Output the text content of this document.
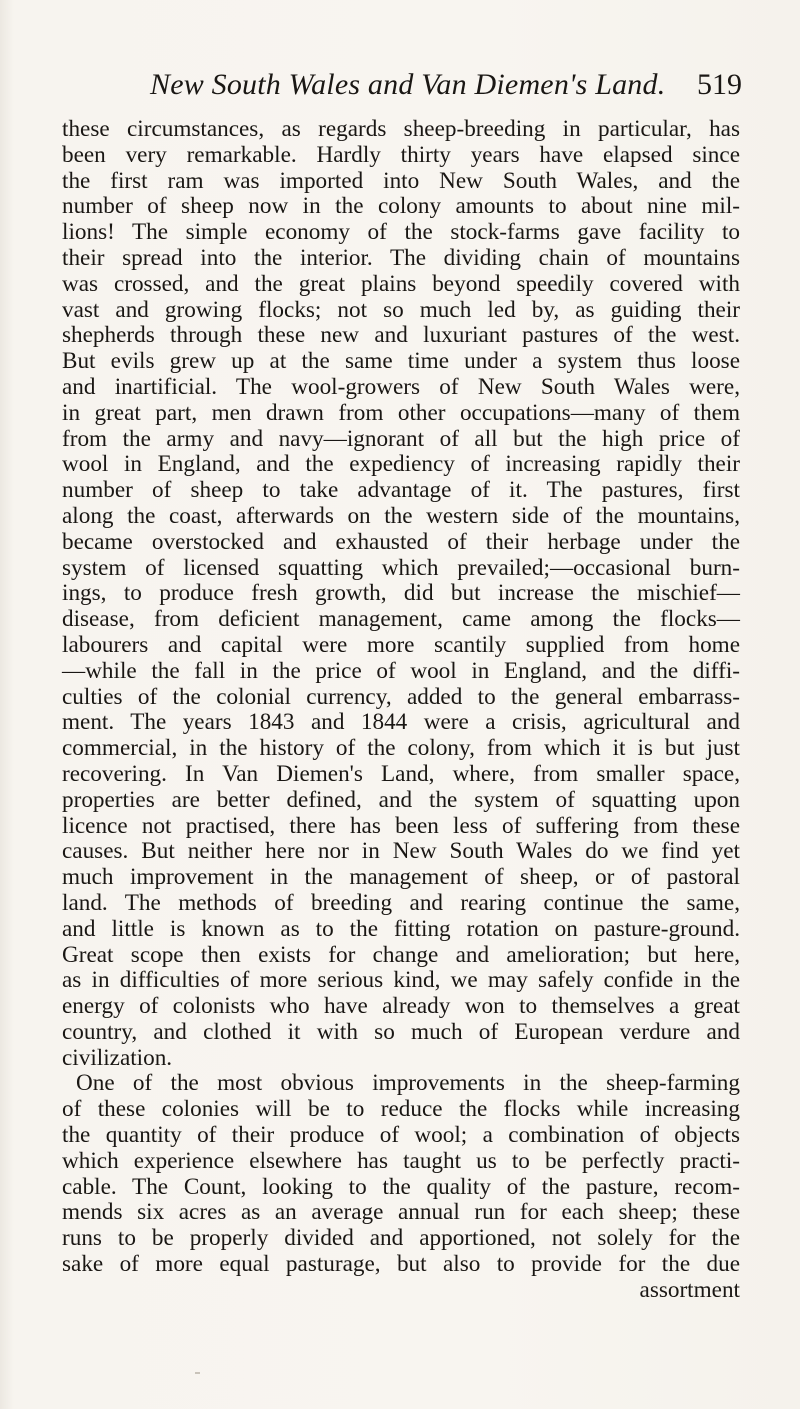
New South Wales and Van Diemen's Land. 519
these circumstances, as regards sheep-breeding in particular, has
been very remarkable. Hardly thirty years have elapsed since
the first ram was imported into New South Wales, and the
number of sheep now in the colony amounts to about nine mil-
lions! The simple economy of the stock-farms gave facility to
their spread into the interior. The dividing chain of mountains
was crossed, and the great plains beyond speedily covered with
vast and growing flocks; not so much led by, as guiding their
shepherds through these new and luxuriant pastures of the west.
But evils grew up at the same time under a system thus loose
and inartificial. The wool-growers of New South Wales were,
in great part, men drawn from other occupations—many of them
from the army and navy—ignorant of all but the high price of
wool in England, and the expediency of increasing rapidly their
number of sheep to take advantage of it. The pastures, first
along the coast, afterwards on the western side of the mountains,
became overstocked and exhausted of their herbage under the
system of licensed squatting which prevailed;—occasional burn-
ings, to produce fresh growth, did but increase the mischief—
disease, from deficient management, came among the flocks—
labourers and capital were more scantily supplied from home
—while the fall in the price of wool in England, and the diffi-
culties of the colonial currency, added to the general embarrass-
ment. The years 1843 and 1844 were a crisis, agricultural and
commercial, in the history of the colony, from which it is but just
recovering. In Van Diemen's Land, where, from smaller space,
properties are better defined, and the system of squatting upon
licence not practised, there has been less of suffering from these
causes. But neither here nor in New South Wales do we find yet
much improvement in the management of sheep, or of pastoral
land. The methods of breeding and rearing continue the same,
and little is known as to the fitting rotation on pasture-ground.
Great scope then exists for change and amelioration; but here,
as in difficulties of more serious kind, we may safely confide in the
energy of colonists who have already won to themselves a great
country, and clothed it with so much of European verdure and
civilization.
One of the most obvious improvements in the sheep-farming
of these colonies will be to reduce the flocks while increasing
the quantity of their produce of wool; a combination of objects
which experience elsewhere has taught us to be perfectly practi-
cable. The Count, looking to the quality of the pasture, recom-
mends six acres as an average annual run for each sheep; these
runs to be properly divided and apportioned, not solely for the
sake of more equal pasturage, but also to provide for the due
assortment
